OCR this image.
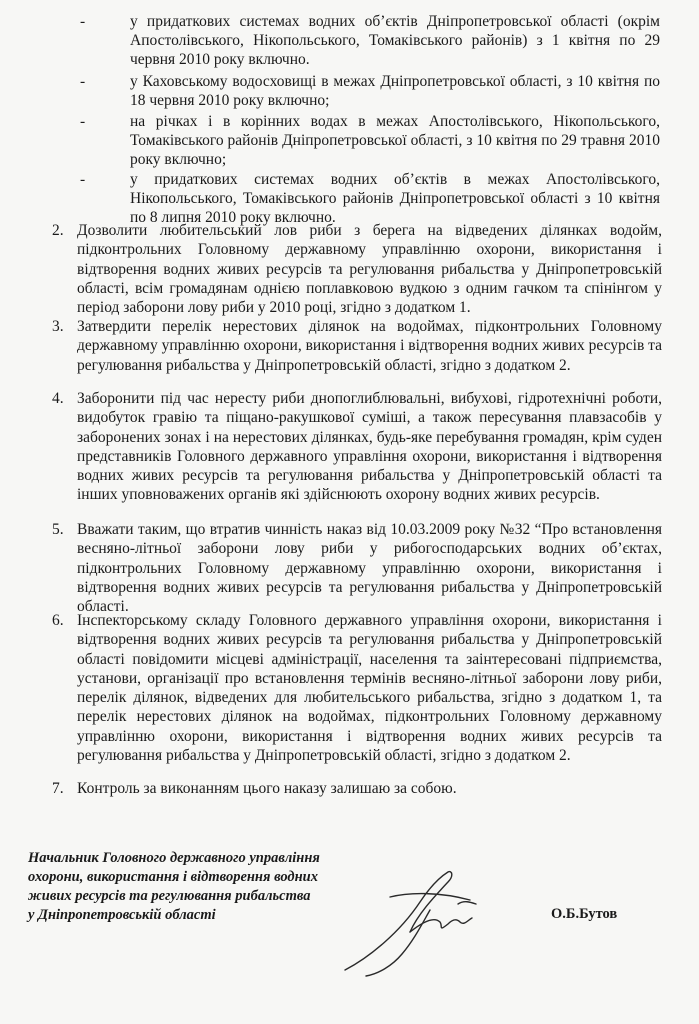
-	у придаткових системах водних об’єктів Дніпропетровської області (окрім Апостолівського, Нікопольського, Томаківського районів) з 1 квітня по 29 червня 2010 року включно.
-	у Каховському водосховищі в межах Дніпропетровської області, з 10 квітня по 18 червня 2010 року включно;
-	на річках і в корінних водах в межах Апостолівського, Нікопольського, Томаківського районів Дніпропетровської області, з 10 квітня по 29 травня 2010 року включно;
-	у придаткових системах водних об’єктів в межах Апостолівського, Нікопольського, Томаківського районів Дніпропетровської області з 10 квітня по 8 липня 2010 року включно.
2. Дозволити любительський лов риби з берега на відведених ділянках водойм, підконтрольних Головному державному управлінню охорони, використання і відтворення водних живих ресурсів та регулювання рибальства у Дніпропетровській області, всім громадянам однією поплавковою вудкою з одним гачком та спінінгом у період заборони лову риби у 2010 році, згідно з додатком 1.
3. Затвердити перелік нерестових ділянок на водоймах, підконтрольних Головному державному управлінню охорони, використання і відтворення водних живих ресурсів та регулювання рибальства у Дніпропетровській області, згідно з додатком 2.
4. Заборонити під час нересту риби днопоглиблювальні, вибухові, гідротехнічні роботи, видобуток гравію та піщано-ракушкової суміші, а також пересування плавзасобів у заборонених зонах і на нерестових ділянках, будь-яке перебування громадян, крім суден представників Головного державного управління охорони, використання і відтворення водних живих ресурсів та регулювання рибальства у Дніпропетровській області та інших уповноважених органів які здійснюють охорону водних живих ресурсів.
5. Вважати таким, що втратив чинність наказ від 10.03.2009 року №32 “Про встановлення весняно-літньої заборони лову риби у рибогосподарських водних об’єктах, підконтрольних Головному державному управлінню охорони, використання і відтворення водних живих ресурсів та регулювання рибальства у Дніпропетровській області.
6. Інспекторському складу Головного державного управління охорони, використання і відтворення водних живих ресурсів та регулювання рибальства у Дніпропетровській області повідомити місцеві адміністрації, населення та заінтересовані підприємства, установи, організації про встановлення термінів весняно-літньої заборони лову риби, перелік ділянок, відведених для любительського рибальства, згідно з додатком 1, та перелік нерестових ділянок на водоймах, підконтрольних Головному державному управлінню охорони, використання і відтворення водних живих ресурсів та регулювання рибальства у Дніпропетровській області, згідно з додатком 2.
7. Контроль за виконанням цього наказу залишаю за собою.
Начальник Головного державного управління
охорони, використання і відтворення водних
живих ресурсів та регулювання рибальства
у Дніпропетровській області	О.Б.Бутов
